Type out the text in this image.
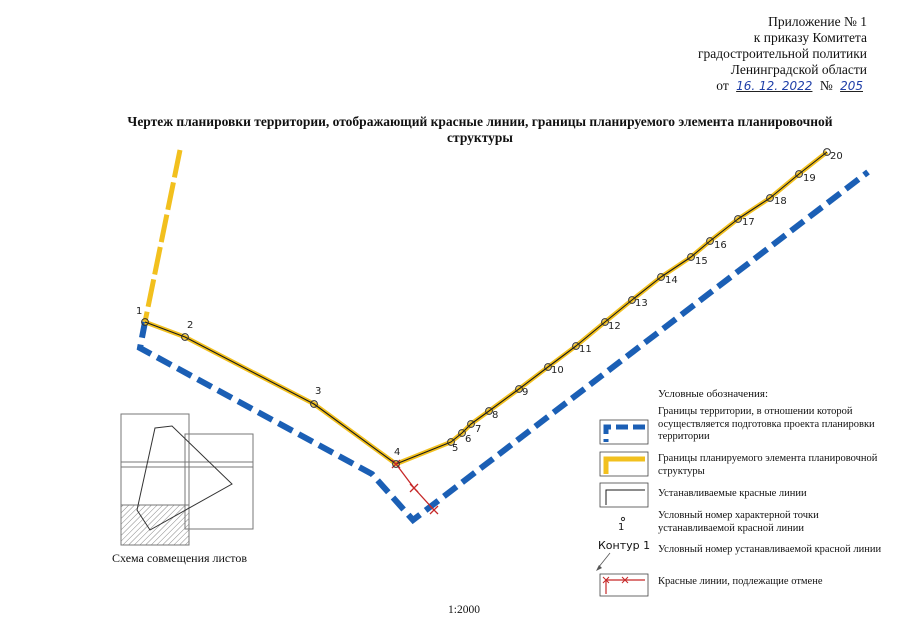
Приложение № 1
к приказу Комитета
градостроительной политики
Ленинградской области
от 16. 12. 2022 № 205
Чертеж планировки территории, отображающий красные линии, границы планируемого элемента планировочной структуры
1
2
3
4	5
6
7
8
9
10
11
12
13
14
15
16
17
18
19
20
Условные обозначения:
Границы территории, в отношении которой осуществляется подготовка проекта планировки территории
Границы планируемого элемента планировочной структуры
Устанавливаемые красные линии
1
Условный номер характерной точки устанавливаемой красной линии
Условный номер устанавливаемой красной линии
Красные линии, подлежащие отмене
Контур 1
Схема совмещения листов
1:2000
